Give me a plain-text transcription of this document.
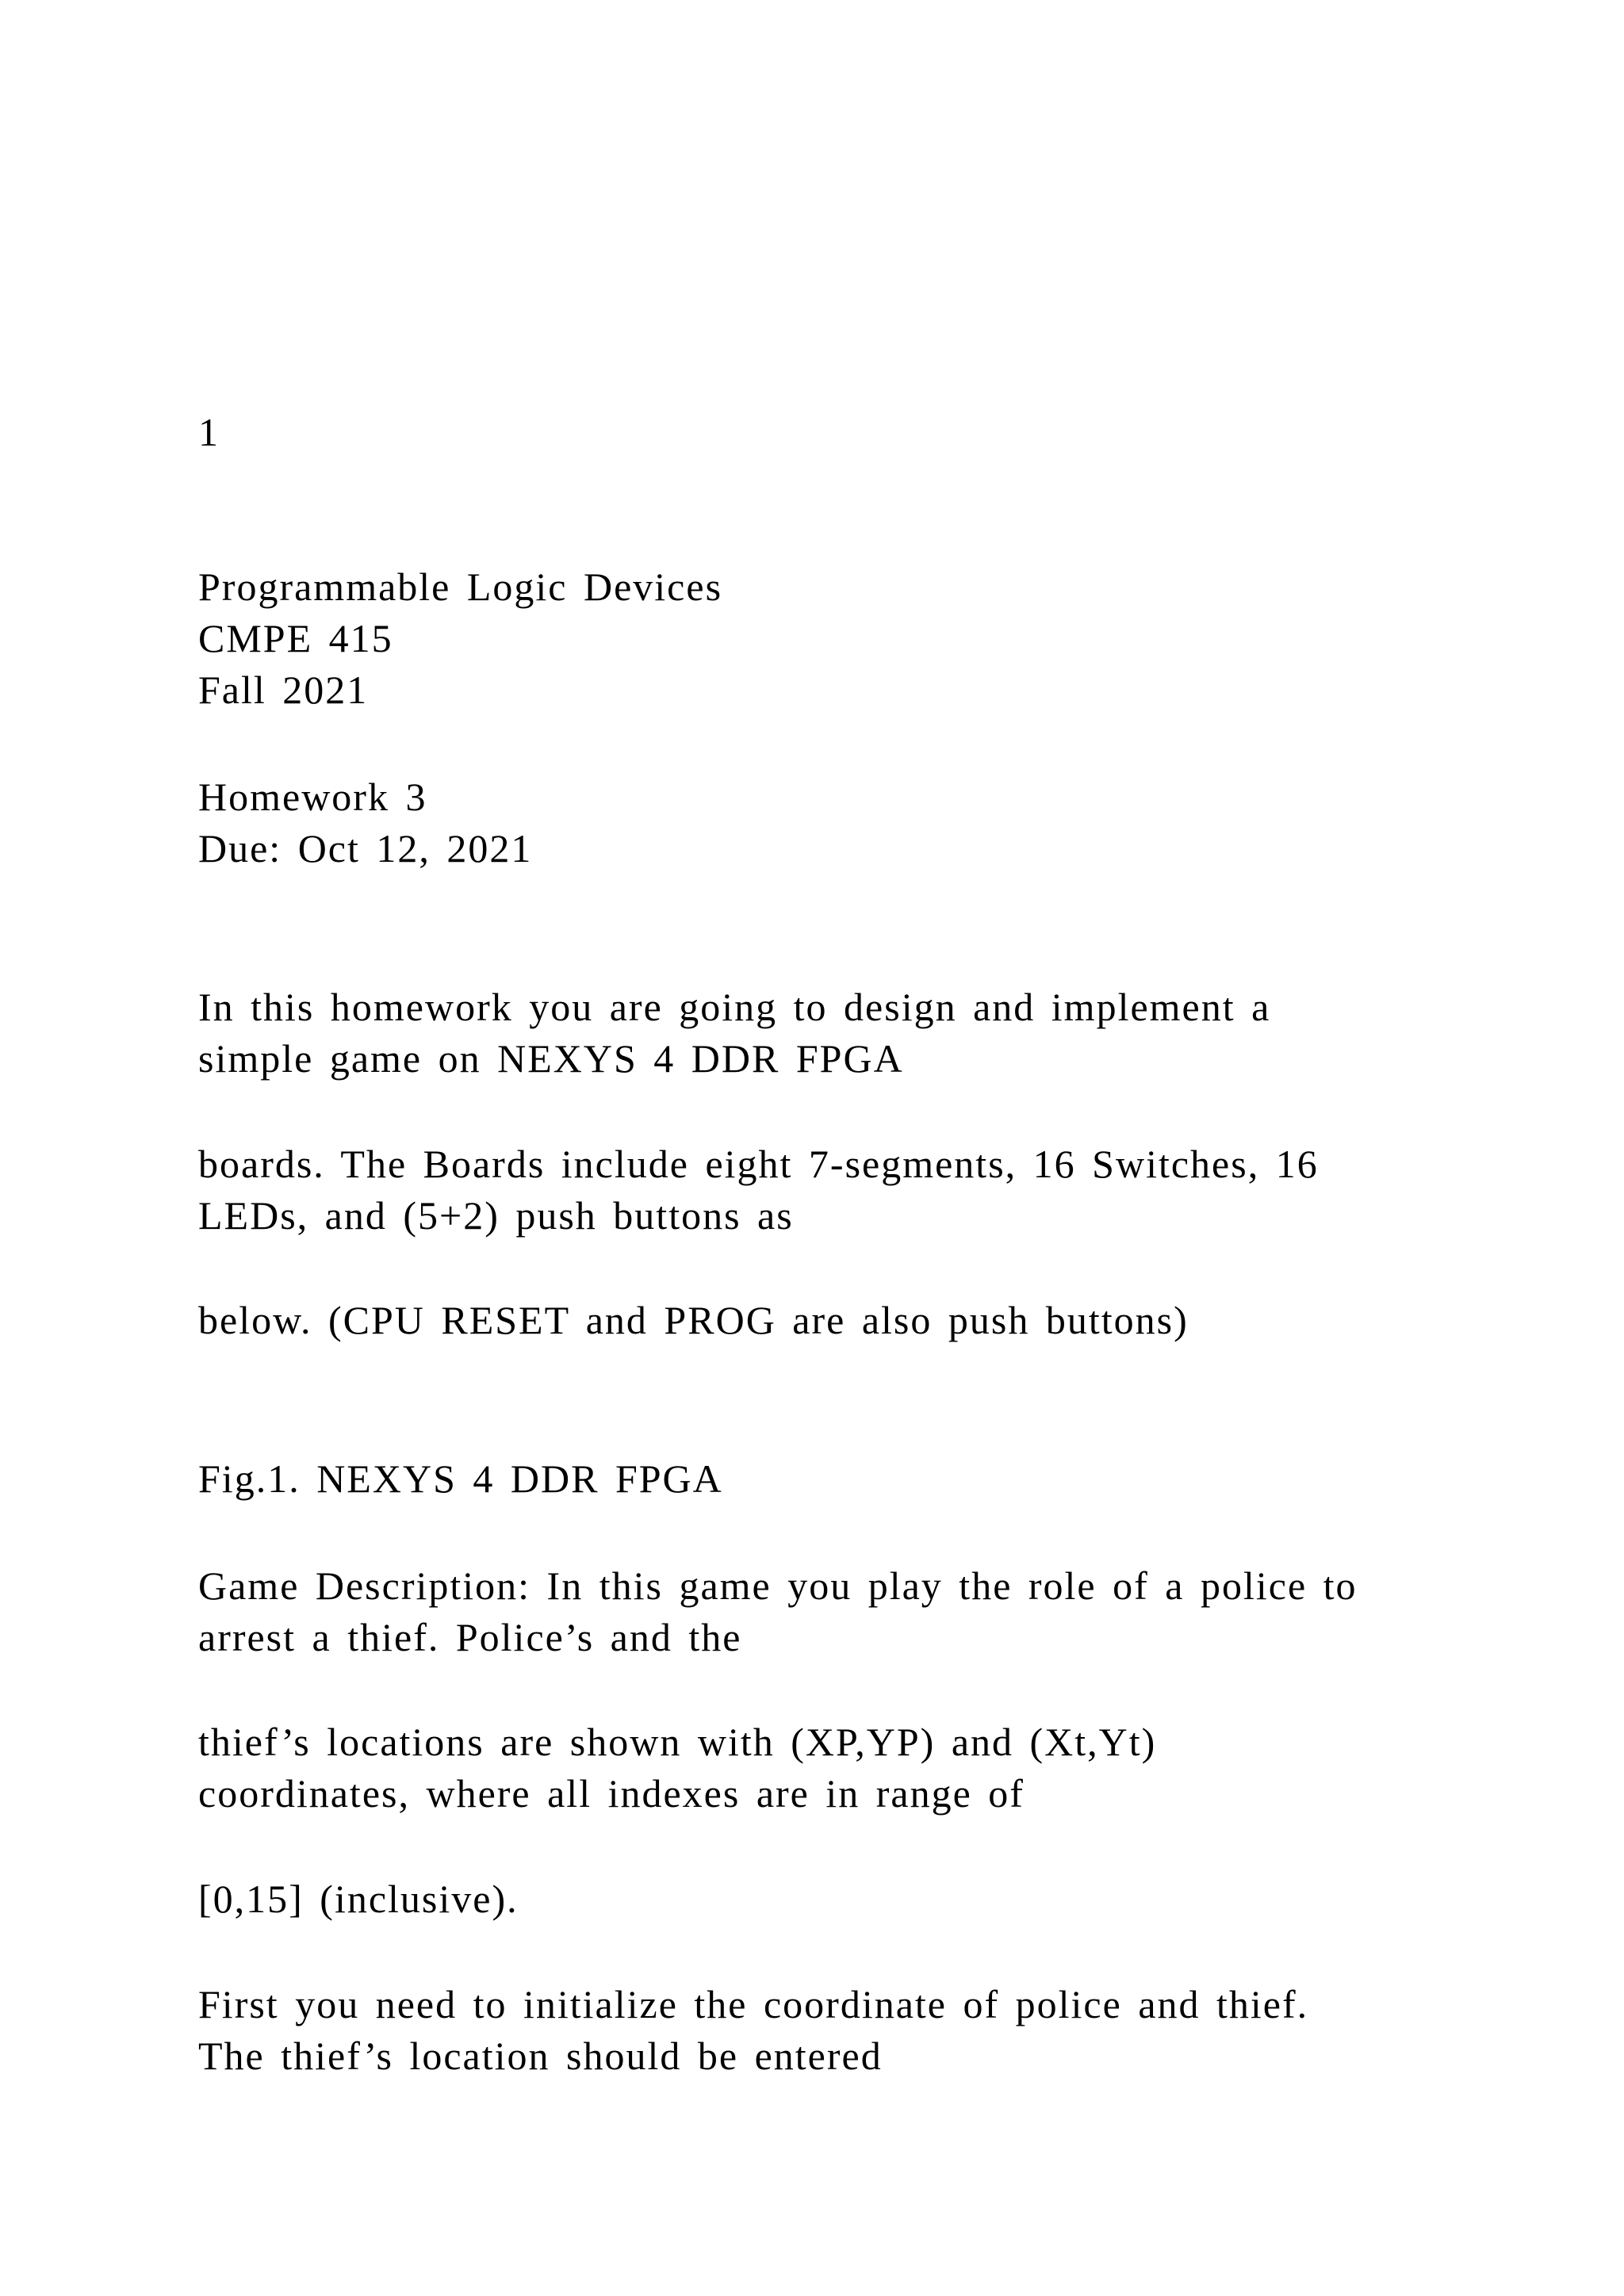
1
Programmable Logic Devices
CMPE 415
Fall 2021
Homework 3
Due: Oct 12, 2021
In this homework you are going to design and implement a
simple game on NEXYS 4 DDR FPGA
boards. The Boards include eight 7-segments, 16 Switches, 16
LEDs, and (5+2) push buttons as
below. (CPU RESET and PROG are also push buttons)
Fig.1. NEXYS 4 DDR FPGA
Game Description: In this game you play the role of a police to
arrest a thief. Police’s and the
thief’s locations are shown with (XP,YP) and (Xt,Yt)
coordinates, where all indexes are in range of
[0,15] (inclusive).
First you need to initialize the coordinate of police and thief.
The thief’s location should be entered
